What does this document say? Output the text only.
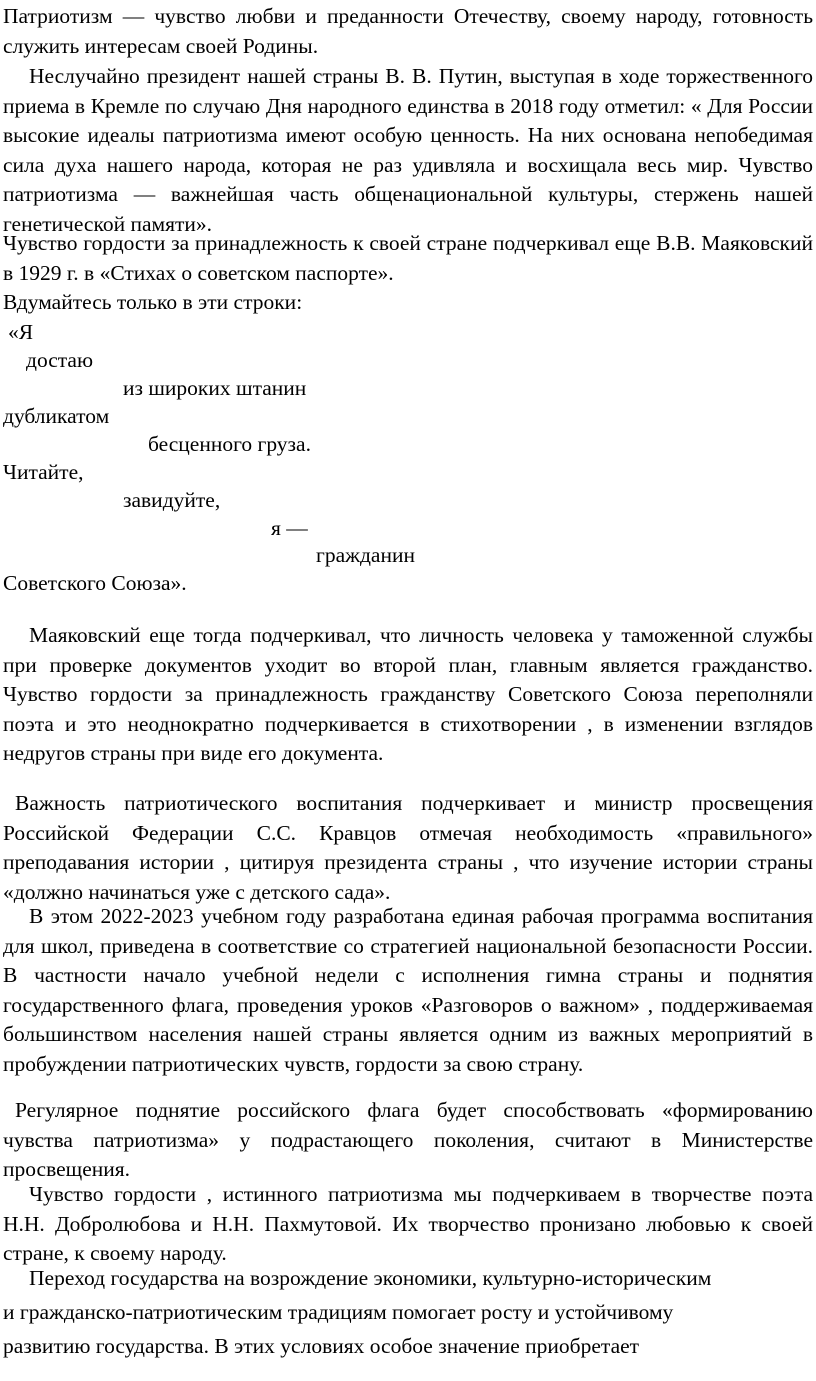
Патриотизм — чувство любви и преданности Отечеству, своему народу, готовность служить интересам своей Родины.

Неслучайно президент нашей страны В. В. Путин, выступая в ходе торжественного приема в Кремле по случаю Дня народного единства в 2018 году отметил: « Для России высокие идеалы патриотизма имеют особую ценность. На них основана непобедимая сила духа нашего народа, которая не раз удивляла и восхищала весь мир. Чувство патриотизма — важнейшая часть общенациональной культуры, стержень нашей генетической памяти».

Чувство гордости за принадлежность к своей стране подчеркивал еще В.В. Маяковский в 1929 г. в «Стихах о советском паспорте».

Вдумайтесь только в эти строки:

«Я

достаю

из широких штанин

дубликатом

бесценного груза.

Читайте,

завидуйте,

я —

гражданин

Советского Союза».

Маяковский еще тогда подчеркивал, что личность человека у таможенной службы при проверке документов уходит во второй план, главным является гражданство. Чувство гордости за принадлежность гражданству Советского Союза переполняли поэта и это неоднократно подчеркивается в стихотворении , в изменении взглядов недругов страны при виде его документа.

Важность патриотического воспитания подчеркивает и министр просвещения Российской Федерации С.С. Кравцов отмечая необходимость «правильного» преподавания истории , цитируя президента страны , что изучение истории страны «должно начинаться уже с детского сада».

В этом 2022-2023 учебном году разработана единая рабочая программа воспитания для школ, приведена в соответствие со стратегией национальной безопасности России. В частности начало учебной недели с исполнения гимна страны и поднятия государственного флага, проведения уроков «Разговоров о важном» , поддерживаемая большинством населения нашей страны является одним из важных мероприятий в пробуждении патриотических чувств, гордости за свою страну.

Регулярное поднятие российского флага будет способствовать «формированию чувства патриотизма» у подрастающего поколения, считают в Министерстве просвещения.

Чувство гордости , истинного патриотизма мы подчеркиваем в творчестве поэта Н.Н. Добролюбова и Н.Н. Пахмутовой. Их творчество пронизано любовью к своей стране, к своему народу.

Переход государства на возрождение экономики, культурно-историческим

и гражданско-патриотическим традициям помогает росту и устойчивому

развитию государства. В этих условиях особое значение приобретает
